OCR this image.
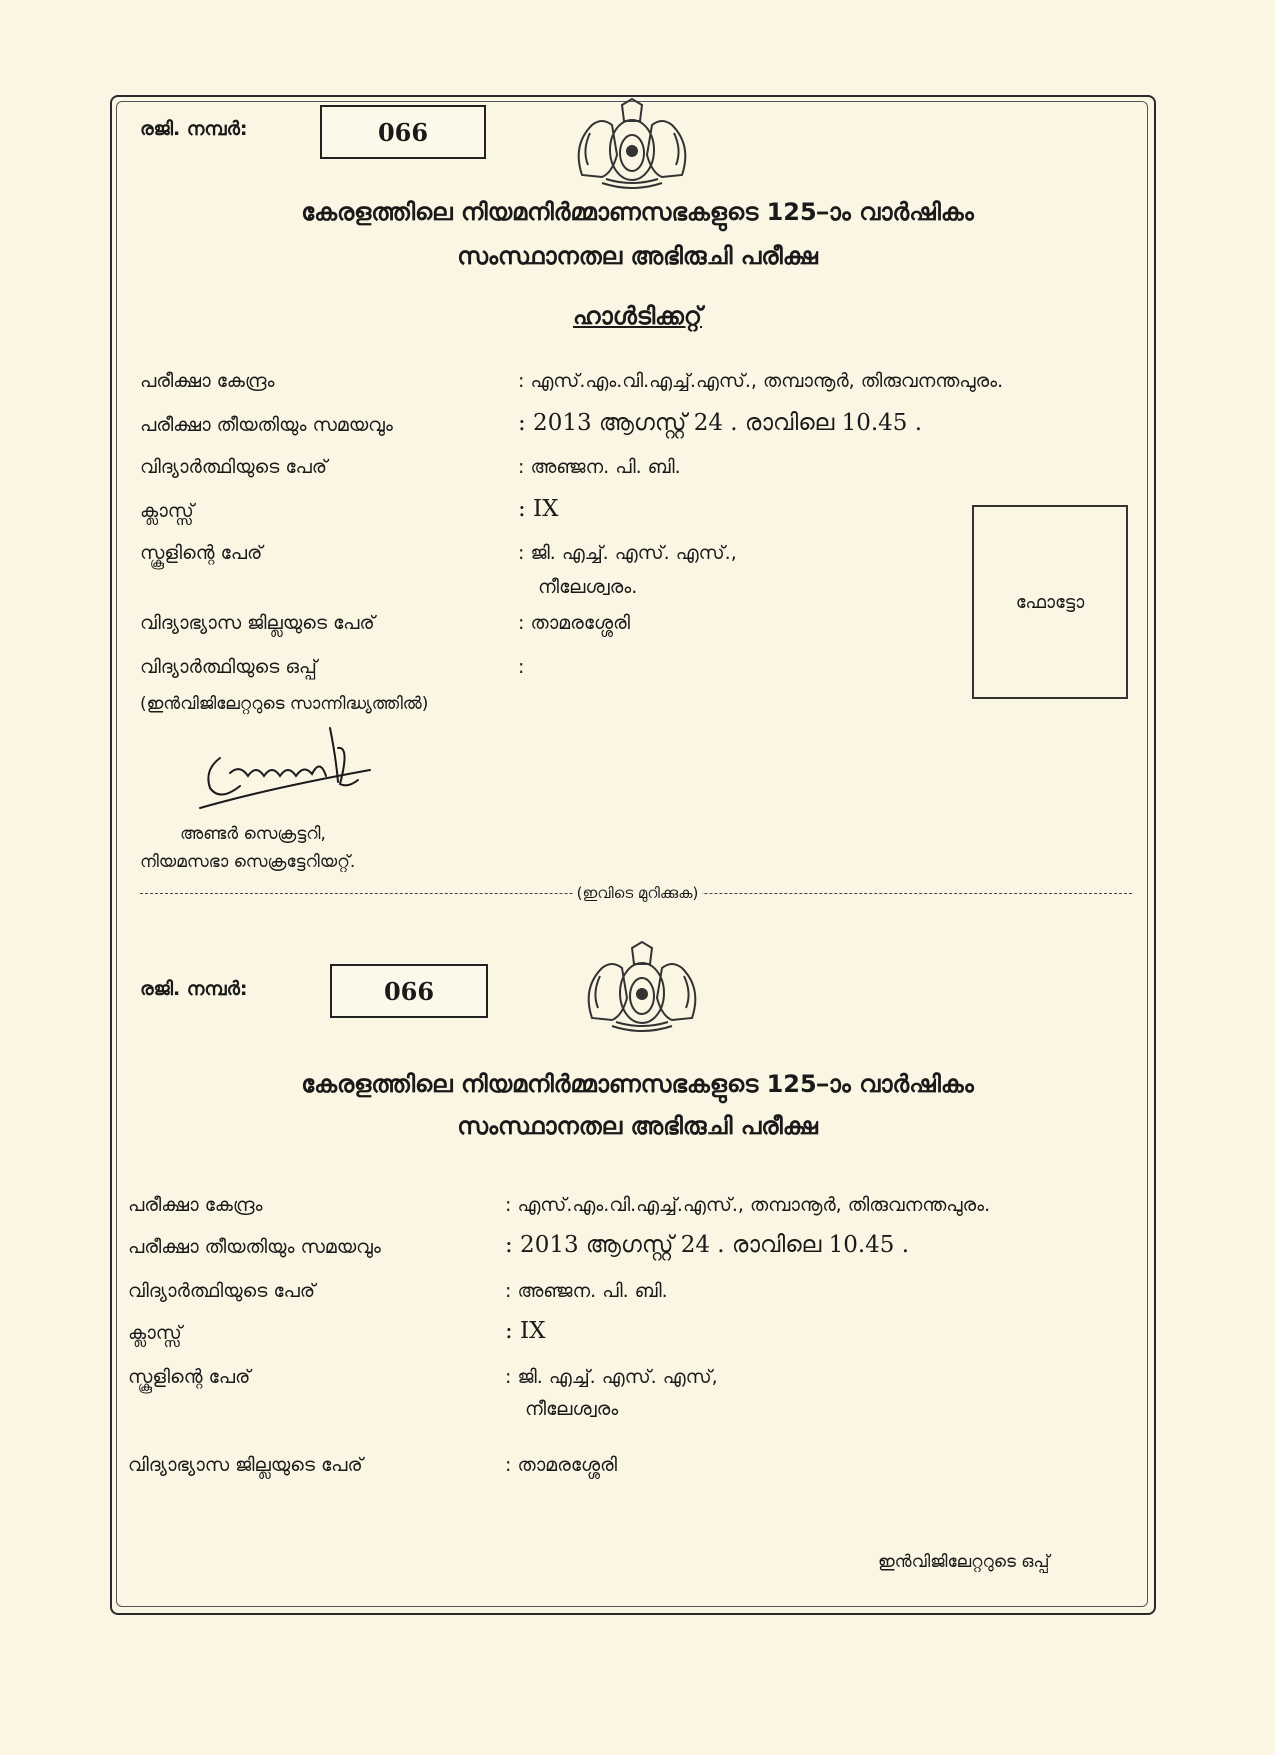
രജി. നമ്പർ:	066
കേരളത്തിലെ നിയമനിർമ്മാണസഭകളുടെ 125–ാം വാർഷികം
സംസ്ഥാനതല അഭിരുചി പരീക്ഷ
ഹാൾടിക്കറ്റ്
പരീക്ഷാ കേന്ദ്രം	: എസ്.എം.വി.എച്ച്.എസ്., തമ്പാനൂർ, തിരുവനന്തപുരം.
പരീക്ഷാ തീയതിയും സമയവും	: 2013 ആഗസ്റ്റ് 24 . രാവിലെ 10.45 .
വിദ്യാർത്ഥിയുടെ പേര്	: അഞ്ജന. പി. ബി.
ക്ലാസ്സ്	: IX
സ്കൂളിന്റെ പേര്	: ജി. എച്ച്. എസ്. എസ്.,
നീലേശ്വരം.
വിദ്യാഭ്യാസ ജില്ലയുടെ പേര്	: താമരശ്ശേരി
വിദ്യാർത്ഥിയുടെ ഒപ്പ്	:
(ഇൻവിജിലേറ്ററുടെ സാന്നിദ്ധ്യത്തിൽ)
ഫോട്ടോ
അണ്ടർ സെക്രട്ടറി,
നിയമസഭാ സെക്രട്ടേറിയറ്റ്.
(ഇവിടെ മുറിക്കുക)
രജി. നമ്പർ:	066
കേരളത്തിലെ നിയമനിർമ്മാണസഭകളുടെ 125–ാം വാർഷികം
സംസ്ഥാനതല അഭിരുചി പരീക്ഷ
പരീക്ഷാ കേന്ദ്രം	: എസ്.എം.വി.എച്ച്.എസ്., തമ്പാനൂർ, തിരുവനന്തപുരം.
പരീക്ഷാ തീയതിയും സമയവും	: 2013 ആഗസ്റ്റ് 24 . രാവിലെ 10.45 .
വിദ്യാർത്ഥിയുടെ പേര്	: അഞ്ജന. പി. ബി.
ക്ലാസ്സ്	: IX
സ്കൂളിന്റെ പേര്	: ജി. എച്ച്. എസ്. എസ്,
നീലേശ്വരം
വിദ്യാഭ്യാസ ജില്ലയുടെ പേര്	: താമരശ്ശേരി
ഇൻവിജിലേറ്ററുടെ ഒപ്പ്
